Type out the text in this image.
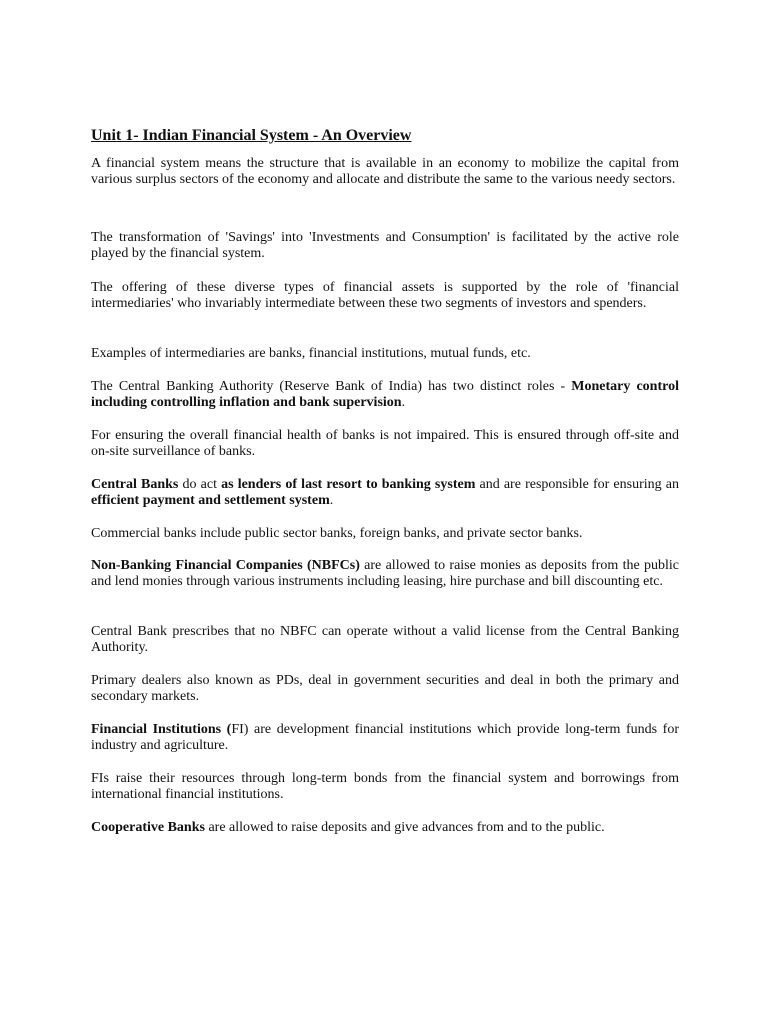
Unit 1- Indian Financial System - An Overview

A financial system means the structure that is available in an economy to mobilize the capital from various surplus sectors of the economy and allocate and distribute the same to the various needy sectors.

The transformation of 'Savings' into 'Investments and Consumption' is facilitated by the active role played by the financial system.

The offering of these diverse types of financial assets is supported by the role of 'financial intermediaries' who invariably intermediate between these two segments of investors and spenders.

Examples of intermediaries are banks, financial institutions, mutual funds, etc.

The Central Banking Authority (Reserve Bank of India) has two distinct roles - Monetary control including controlling inflation and bank supervision.

For ensuring the overall financial health of banks is not impaired. This is ensured through off-site and on-site surveillance of banks.

Central Banks do act as lenders of last resort to banking system and are responsible for ensuring an efficient payment and settlement system.

Commercial banks include public sector banks, foreign banks, and private sector banks.

Non-Banking Financial Companies (NBFCs) are allowed to raise monies as deposits from the public and lend monies through various instruments including leasing, hire purchase and bill discounting etc.

Central Bank prescribes that no NBFC can operate without a valid license from the Central Banking Authority.

Primary dealers also known as PDs, deal in government securities and deal in both the primary and secondary markets.

Financial Institutions (FI) are development financial institutions which provide long-term funds for industry and agriculture.

FIs raise their resources through long-term bonds from the financial system and borrowings from international financial institutions.

Cooperative Banks are allowed to raise deposits and give advances from and to the public.
